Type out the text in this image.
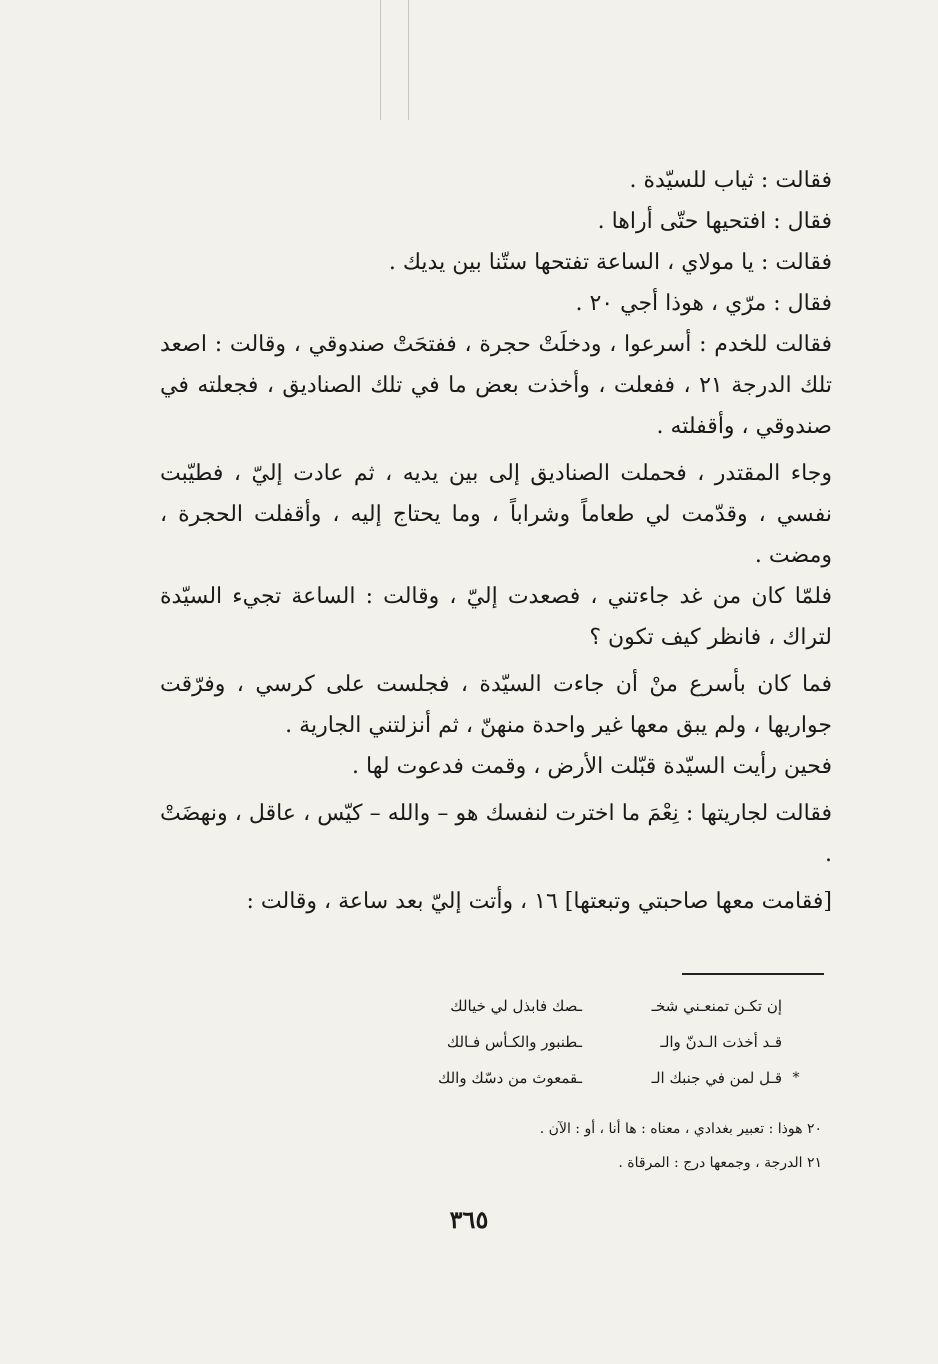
فقالت : ثياب للسيّدة .

فقال : افتحيها حتّى أراها .

فقالت : يا مولاي ، الساعة تفتحها ستّنا بين يديك .

فقال : مرّي ، هوذا أجي ٢٠ .

فقالت للخدم : أسرعوا ، ودخلَتْ حجرة ، ففتحَتْ صندوقي ، وقالت : اصعد تلك الدرجة ٢١ ، ففعلت ، وأخذت بعض ما في تلك الصناديق ، فجعلته في صندوقي ، وأقفلته .

وجاء المقتدر ، فحملت الصناديق إلى بين يديه ، ثم عادت إليّ ، فطيّبت نفسي ، وقدّمت لي طعاماً وشراباً ، وما يحتاج إليه ، وأقفلت الحجرة ، ومضت .

فلمّا كان من غد جاءتني ، فصعدت إليّ ، وقالت : الساعة تجيء السيّدة لتراك ، فانظر كيف تكون ؟

فما كان بأسرع منْ أن جاءت السيّدة ، فجلست على كرسي ، وفرّقت جواريها ، ولم يبق معها غير واحدة منهنّ ، ثم أنزلتني الجارية .

فحين رأيت السيّدة قبّلت الأرض ، وقمت فدعوت لها .

فقالت لجاريتها : نِعْمَ ما اخترت لنفسك هو – والله – كيّس ، عاقل ، ونهضَتْ .

[فقامت معها صاحبتي وتبعتها] ١٦ ، وأتت إليّ بعد ساعة ، وقالت :

إن تكـن تمنعـني شخـ
ـصك فابذل لي خيالك
قـد أخذت الـدنّ والـ
ـطنبور والكـأس فـالك
*
قـل لمن في جنبك الـ
ـقمعوث من دسّك والك

٢٠ هوذا : تعبير بغدادي ، معناه : ها أنا ، أو : الآن .

٢١ الدرجة ، وجمعها درج : المرقاة .

٣٦٥
